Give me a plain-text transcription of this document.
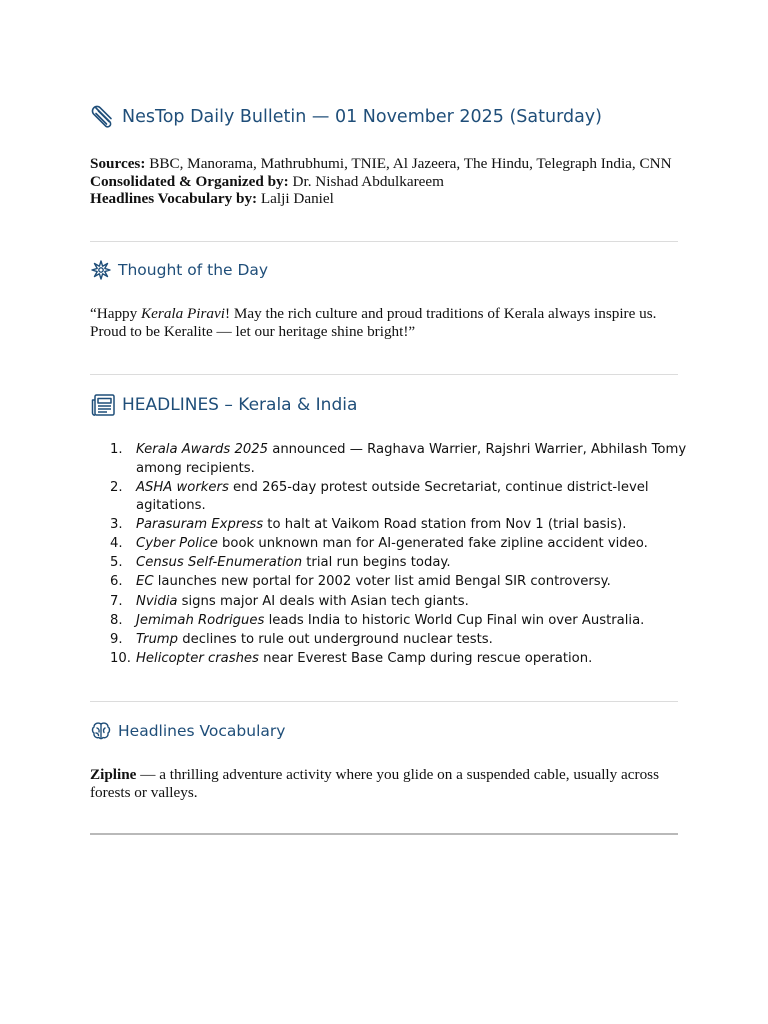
NesTop Daily Bulletin — 01 November 2025 (Saturday)
Sources: BBC, Manorama, Mathrubhumi, TNIE, Al Jazeera, The Hindu, Telegraph India, CNN
Consolidated & Organized by: Dr. Nishad Abdulkareem
Headlines Vocabulary by: Lalji Daniel
Thought of the Day
“Happy Kerala Piravi! May the rich culture and proud traditions of Kerala always inspire us. Proud to be Keralite — let our heritage shine bright!”
HEADLINES – Kerala & India
1.	Kerala Awards 2025 announced — Raghava Warrier, Rajshri Warrier, Abhilash Tomy among recipients.
2.	ASHA workers end 265-day protest outside Secretariat, continue district-level agitations.
3.	Parasuram Express to halt at Vaikom Road station from Nov 1 (trial basis).
4.	Cyber Police book unknown man for AI-generated fake zipline accident video.
5.	Census Self-Enumeration trial run begins today.
6.	EC launches new portal for 2002 voter list amid Bengal SIR controversy.
7.	Nvidia signs major AI deals with Asian tech giants.
8.	Jemimah Rodrigues leads India to historic World Cup Final win over Australia.
9.	Trump declines to rule out underground nuclear tests.
10. Helicopter crashes near Everest Base Camp during rescue operation.
Headlines Vocabulary
Zipline — a thrilling adventure activity where you glide on a suspended cable, usually across forests or valleys.
